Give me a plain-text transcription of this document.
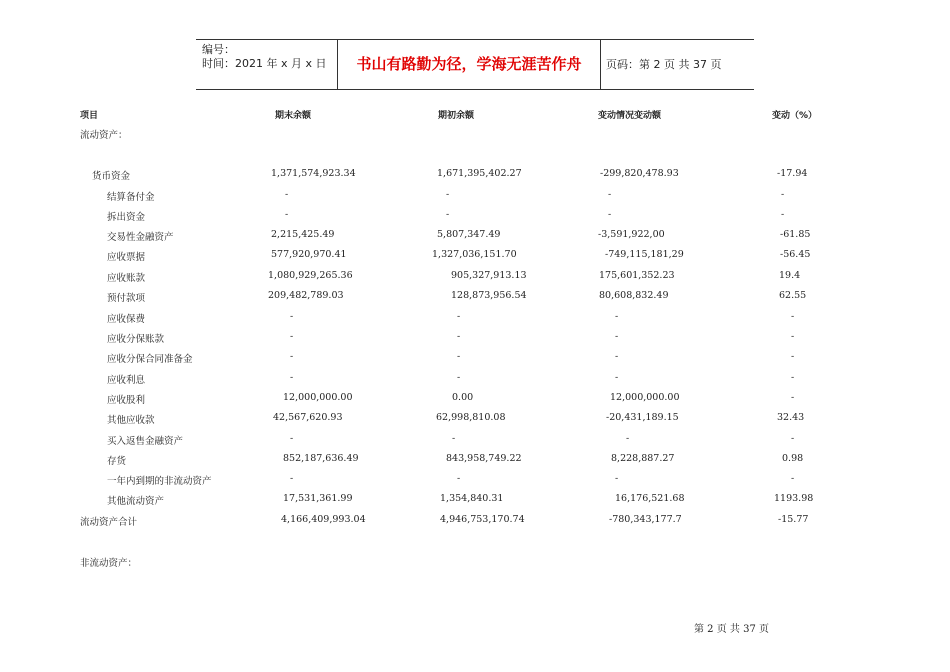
编号：
时间：2021 年 x 月 x 日	书山有路勤为径，学海无涯苦作舟	页码：第 2 页 共 37 页
项目	期末余额	期初余额	变动情况变动额	变动（%）
流动资产：
货币资金	1,371,574,923.34	1,671,395,402.27	-299,820,478.93	-17.94
结算备付金	-	-	-	-
拆出资金	-	-	-	-
交易性金融资产	2,215,425.49	5,807,347.49	-3,591,922,00	-61.85
应收票据	577,920,970.41	1,327,036,151.70	-749,115,181,29	-56.45
应收账款	1,080,929,265.36	905,327,913.13	175,601,352.23	19.4
预付款项	209,482,789.03	128,873,956.54	80,608,832.49	62.55
应收保费	-	-	-	-
应收分保账款	-	-	-	-
应收分保合同准备金	-	-	-	-
应收利息	-	-	-	-
应收股利	12,000,000.00	0.00	12,000,000.00	-
其他应收款	42,567,620.93	62,998,810.08	-20,431,189.15	32.43
买入返售金融资产	-	-	-	-
存货	852,187,636.49	843,958,749.22	8,228,887.27	0.98
一年内到期的非流动资产	-	-	-	-
其他流动资产	17,531,361.99	1,354,840.31	16,176,521.68	1193.98
流动资产合计	4,166,409,993.04	4,946,753,170.74	-780,343,177.7	-15.77
非流动资产：
第 2 页 共 37 页
